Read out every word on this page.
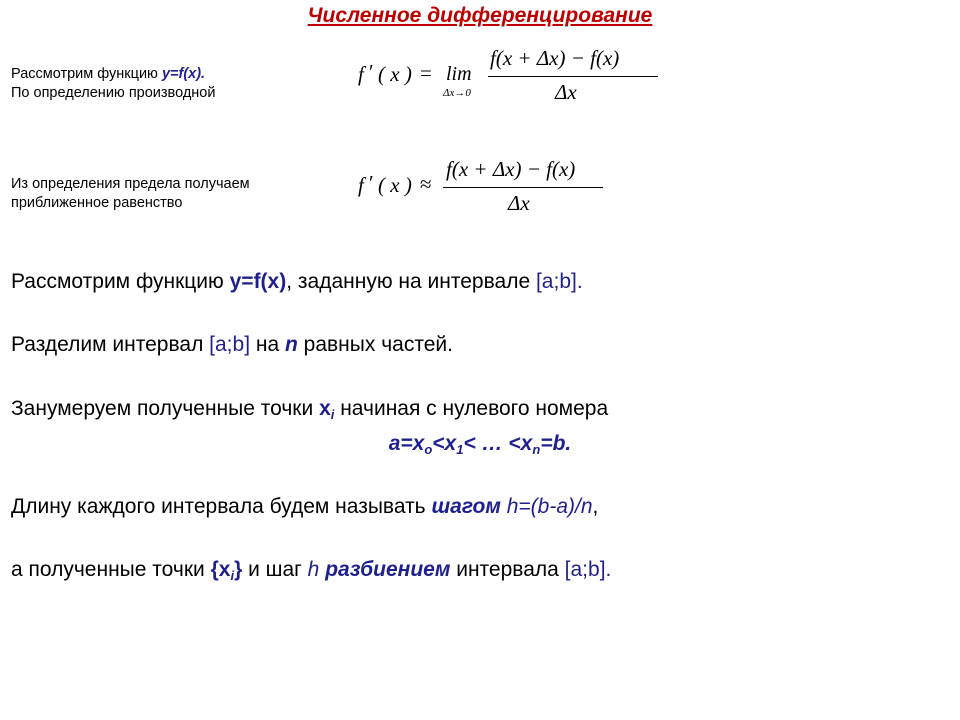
Численное дифференцирование
Рассмотрим функцию y=f(x).
По определению производной
f ′ ( x ) = lim
Δx→0
f(x + Δx) − f(x)
Δx
Из определения предела получаем
приближенное равенство
f ′ ( x ) ≈
f(x + Δx) − f(x)
Δx
Рассмотрим функцию y=f(x), заданную на интервале [a;b].
Разделим интервал [a;b] на n равных частей.
Занумеруем полученные точки $x_i$ начиная с нулевого номера
$a=x_o<x_1<$ … $<x_n=b$.
Длину каждого интервала будем называть шагом h=(b-a)/n,
а полученные точки $\{x_i\}$ и шаг h разбиением интервала [a;b].
